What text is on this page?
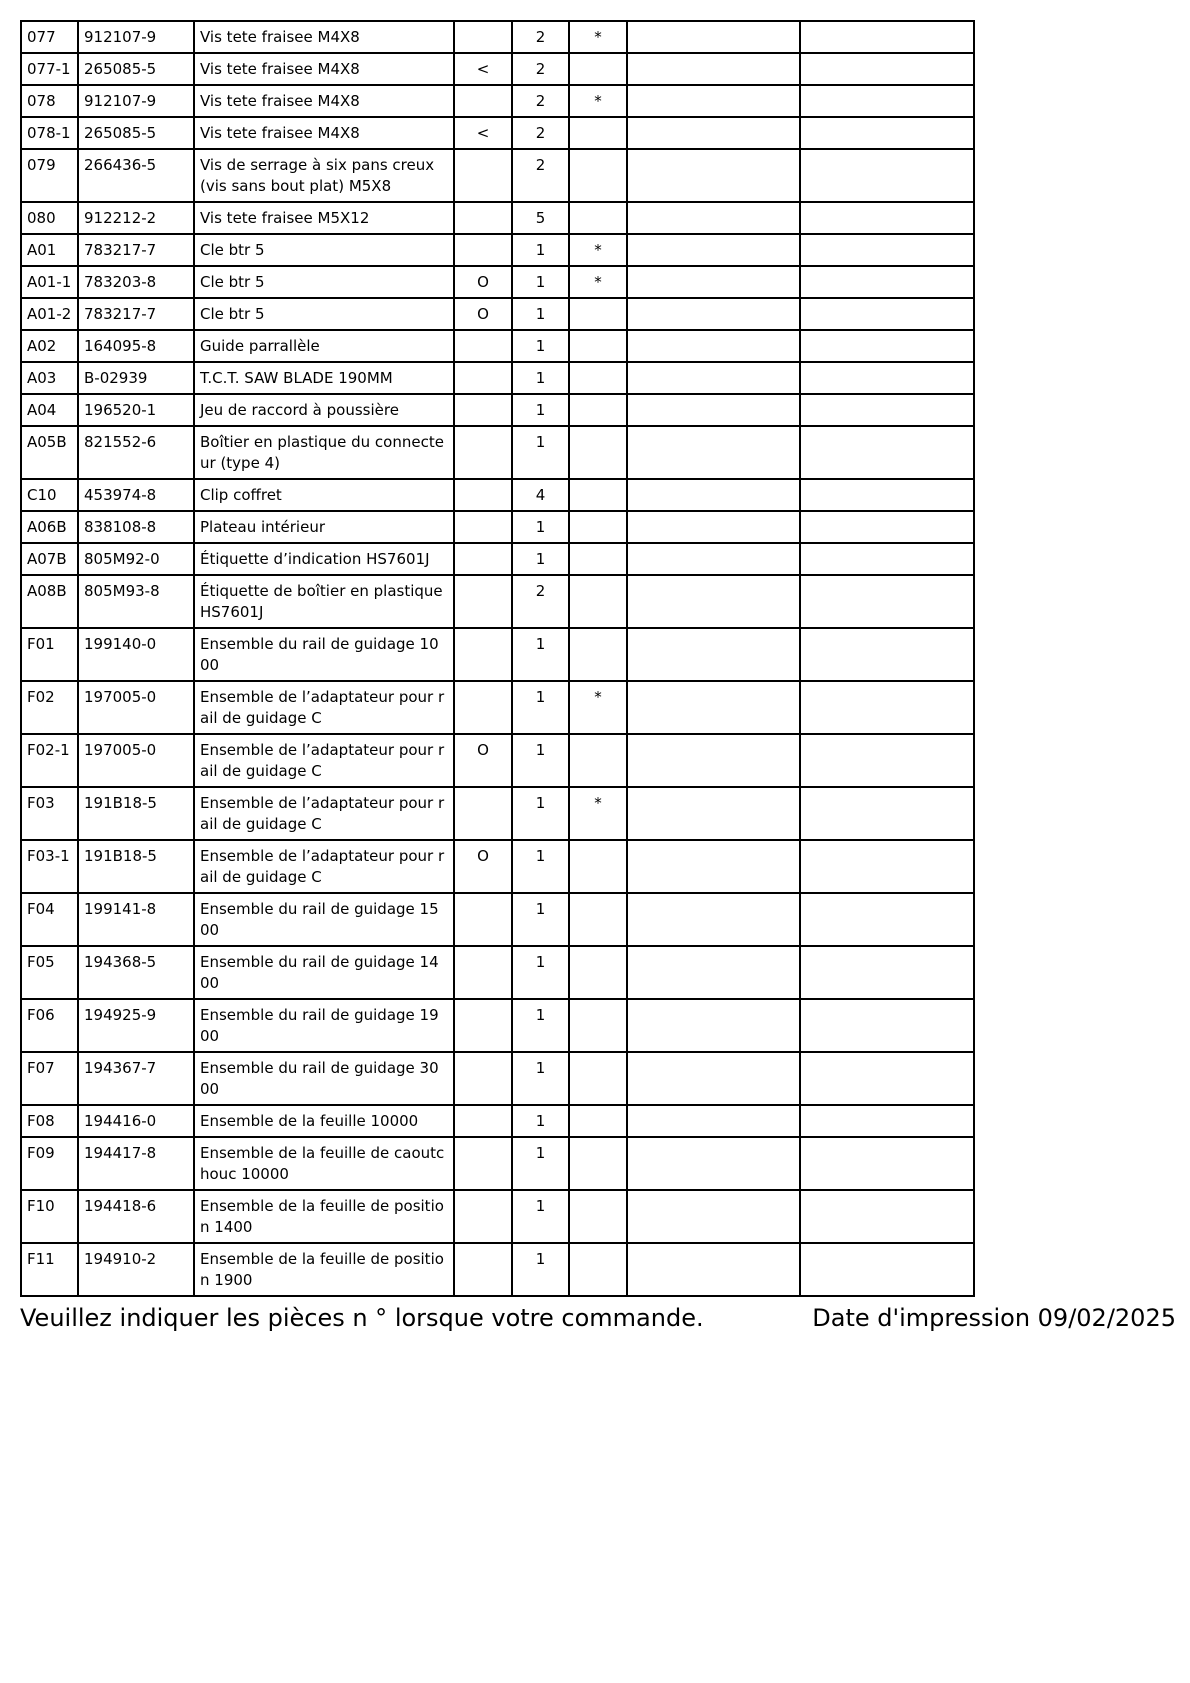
077	912107-9	Vis tete fraisee M4X8		2	*		
077-1	265085-5	Vis tete fraisee M4X8	<	2			
078	912107-9	Vis tete fraisee M4X8		2	*		
078-1	265085-5	Vis tete fraisee M4X8	<	2			
079	266436-5	Vis de serrage à six pans creux (vis sans bout plat) M5X8		2			
080	912212-2	Vis tete fraisee M5X12		5			
A01	783217-7	Cle btr 5		1	*		
A01-1	783203-8	Cle btr 5	O	1	*		
A01-2	783217-7	Cle btr 5	O	1			
A02	164095-8	Guide parrallèle		1			
A03	B-02939	T.C.T. SAW BLADE 190MM		1			
A04	196520-1	Jeu de raccord à poussière		1			
A05B	821552-6	Boîtier en plastique du connecteur (type 4)		1			
C10	453974-8	Clip coffret		4			
A06B	838108-8	Plateau intérieur		1			
A07B	805M92-0	Étiquette d’indication HS7601J		1			
A08B	805M93-8	Étiquette de boîtier en plastique HS7601J		2			
F01	199140-0	Ensemble du rail de guidage 1000		1			
F02	197005-0	Ensemble de l’adaptateur pour rail de guidage C		1	*		
F02-1	197005-0	Ensemble de l’adaptateur pour rail de guidage C	O	1			
F03	191B18-5	Ensemble de l’adaptateur pour rail de guidage C		1	*		
F03-1	191B18-5	Ensemble de l’adaptateur pour rail de guidage C	O	1			
F04	199141-8	Ensemble du rail de guidage 1500		1			
F05	194368-5	Ensemble du rail de guidage 1400		1			
F06	194925-9	Ensemble du rail de guidage 1900		1			
F07	194367-7	Ensemble du rail de guidage 3000		1			
F08	194416-0	Ensemble de la feuille 10000		1			
F09	194417-8	Ensemble de la feuille de caoutchouc 10000		1			
F10	194418-6	Ensemble de la feuille de position 1400		1			
F11	194910-2	Ensemble de la feuille de position 1900		1			
Veuillez indiquer les pièces n ° lorsque votre commande.	Date d'impression 09/02/2025
